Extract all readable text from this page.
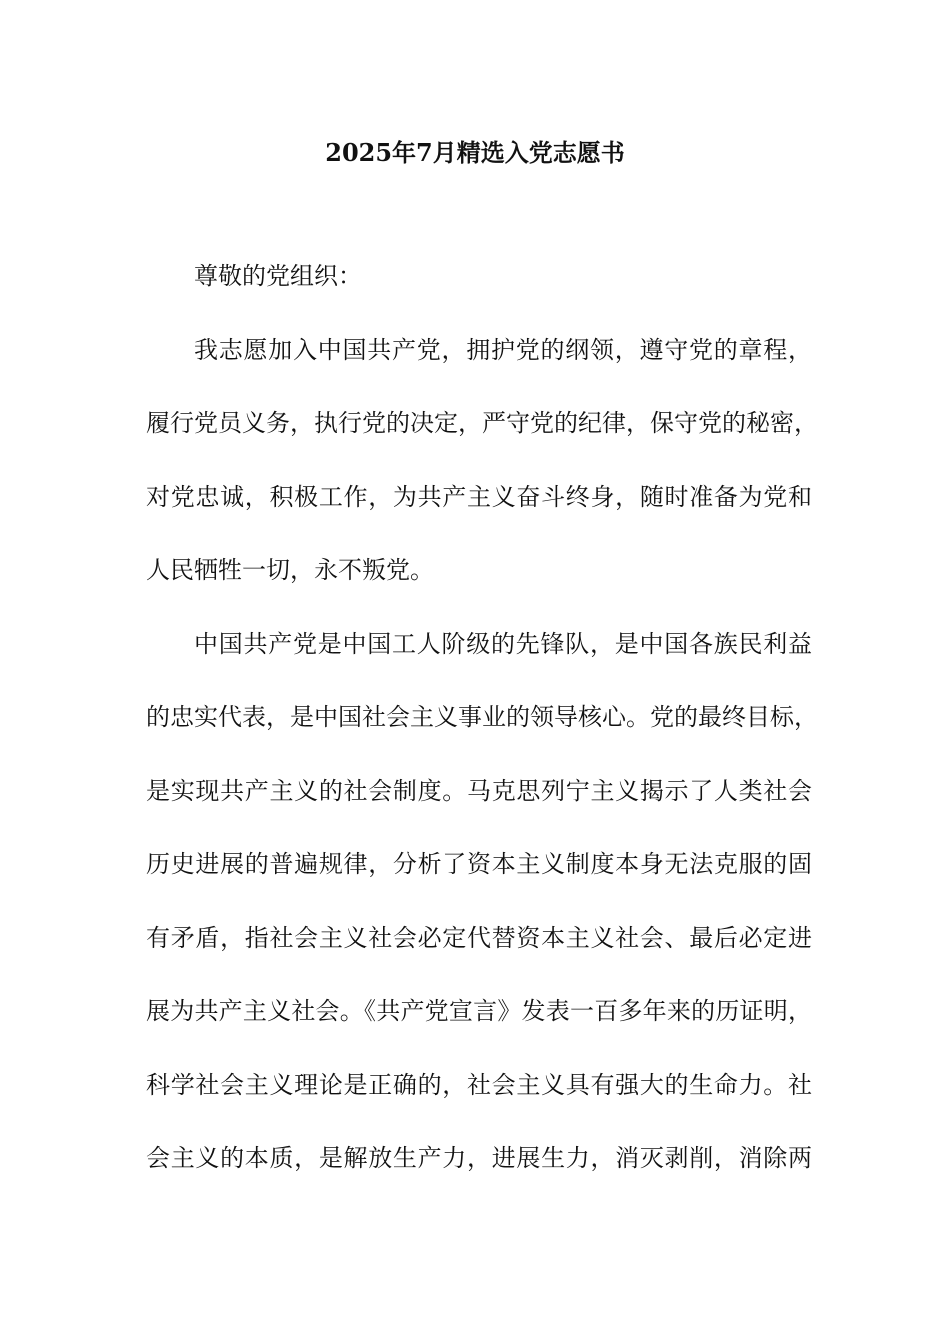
2025年7月精选入党志愿书
尊敬的党组织：
我志愿加入中国共产党，拥护党的纲领，遵守党的章程，
履行党员义务，执行党的决定，严守党的纪律，保守党的秘密，
对党忠诚，积极工作，为共产主义奋斗终身，随时准备为党和
人民牺牲一切，永不叛党。
中国共产党是中国工人阶级的先锋队，是中国各族民利益
的忠实代表，是中国社会主义事业的领导核心。党的最终目标，
是实现共产主义的社会制度。马克思列宁主义揭示了人类社会
历史进展的普遍规律，分析了资本主义制度本身无法克服的固
有矛盾，指社会主义社会必定代替资本主义社会、最后必定进
展为共产主义社会。《共产党宣言》发表一百多年来的历证明，
科学社会主义理论是正确的，社会主义具有强大的生命力。社
会主义的本质，是解放生产力，进展生力，消灭剥削，消除两
